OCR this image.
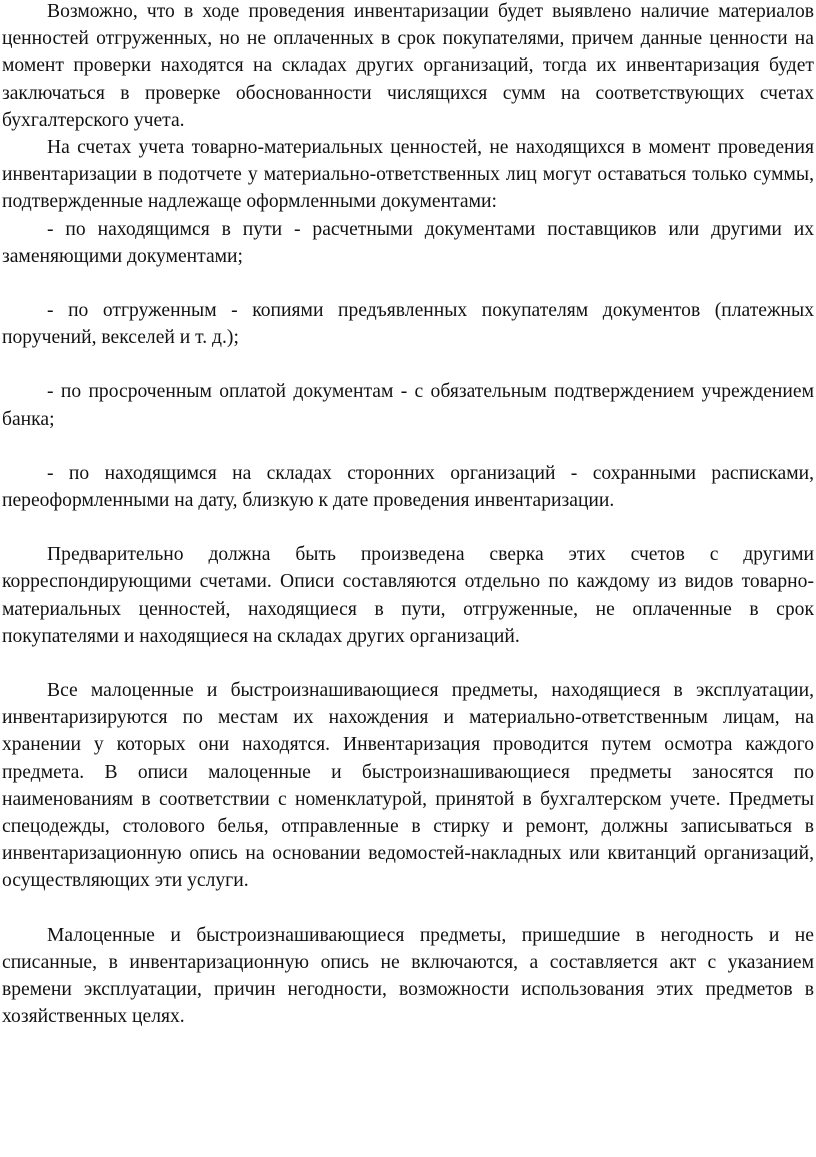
Возможно, что в ходе проведения инвентаризации будет выявлено наличие материалов ценностей отгруженных, но не оплаченных в срок покупателями, причем данные ценности на момент проверки находятся на складах других организаций, тогда их инвентаризация будет заключаться в проверке обоснованности числящихся сумм на соответствующих счетах бухгалтерского учета.

На счетах учета товарно-материальных ценностей, не находящихся в момент проведения инвентаризации в подотчете у материально-ответственных лиц могут оставаться только суммы, подтвержденные надлежаще оформленными документами:

- по находящимся в пути - расчетными документами поставщиков или другими их заменяющими документами;

- по отгруженным - копиями предъявленных покупателям документов (платежных поручений, векселей и т. д.);

- по просроченным оплатой документам - с обязательным подтверждением учреждением банка;

- по находящимся на складах сторонних организаций - сохранными расписками, переоформленными на дату, близкую к дате проведения инвентаризации.

Предварительно должна быть произведена сверка этих счетов с другими корреспондирующими счетами. Описи составляются отдельно по каждому из видов товарно-материальных ценностей, находящиеся в пути, отгруженные, не оплаченные в срок покупателями и находящиеся на складах других организаций.

Все малоценные и быстроизнашивающиеся предметы, находящиеся в эксплуатации, инвентаризируются по местам их нахождения и материально-ответственным лицам, на хранении у которых они находятся. Инвентаризация проводится путем осмотра каждого предмета. В описи малоценные и быстроизнашивающиеся предметы заносятся по наименованиям в соответствии с номенклатурой, принятой в бухгалтерском учете. Предметы спецодежды, столового белья, отправленные в стирку и ремонт, должны записываться в инвентаризационную опись на основании ведомостей-накладных или квитанций организаций, осуществляющих эти услуги.

Малоценные и быстроизнашивающиеся предметы, пришедшие в негодность и не списанные, в инвентаризационную опись не включаются, а составляется акт с указанием времени эксплуатации, причин негодности, возможности использования этих предметов в хозяйственных целях.
